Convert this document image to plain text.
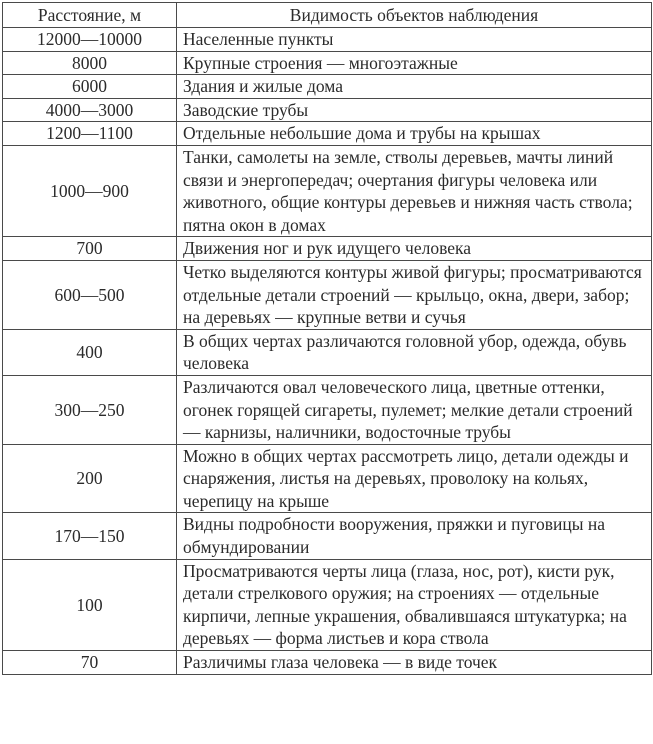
Расстояние, м	Видимость объектов наблюдения
12000—10000	Населенные пункты
8000	Крупные строения — многоэтажные
6000	Здания и жилые дома
4000—3000	Заводские трубы
1200—1100	Отдельные небольшие дома и трубы на крышах
1000—900	Танки, самолеты на земле, стволы деревьев, мачты линий связи и энергопередач; очертания фигуры человека или животного, общие контуры деревьев и нижняя часть ствола; пятна окон в домах
700	Движения ног и рук идущего человека
600—500	Четко выделяются контуры живой фигуры; просматриваются отдельные детали строений — крыльцо, окна, двери, забор; на деревьях — крупные ветви и сучья
400	В общих чертах различаются головной убор, одежда, обувь человека
300—250	Различаются овал человеческого лица, цветные оттенки, огонек горящей сигареты, пулемет; мелкие детали строений — карнизы, наличники, водосточные трубы
200	Можно в общих чертах рассмотреть лицо, детали одежды и снаряжения, листья на деревьях, проволоку на кольях, черепицу на крыше
170—150	Видны подробности вооружения, пряжки и пуговицы на обмундировании
100	Просматриваются черты лица (глаза, нос, рот), кисти рук, детали стрелкового оружия; на строениях — отдельные кирпичи, лепные украшения, обвалившаяся штукатурка; на деревьях — форма листьев и кора ствола
70	Различимы глаза человека — в виде точек
